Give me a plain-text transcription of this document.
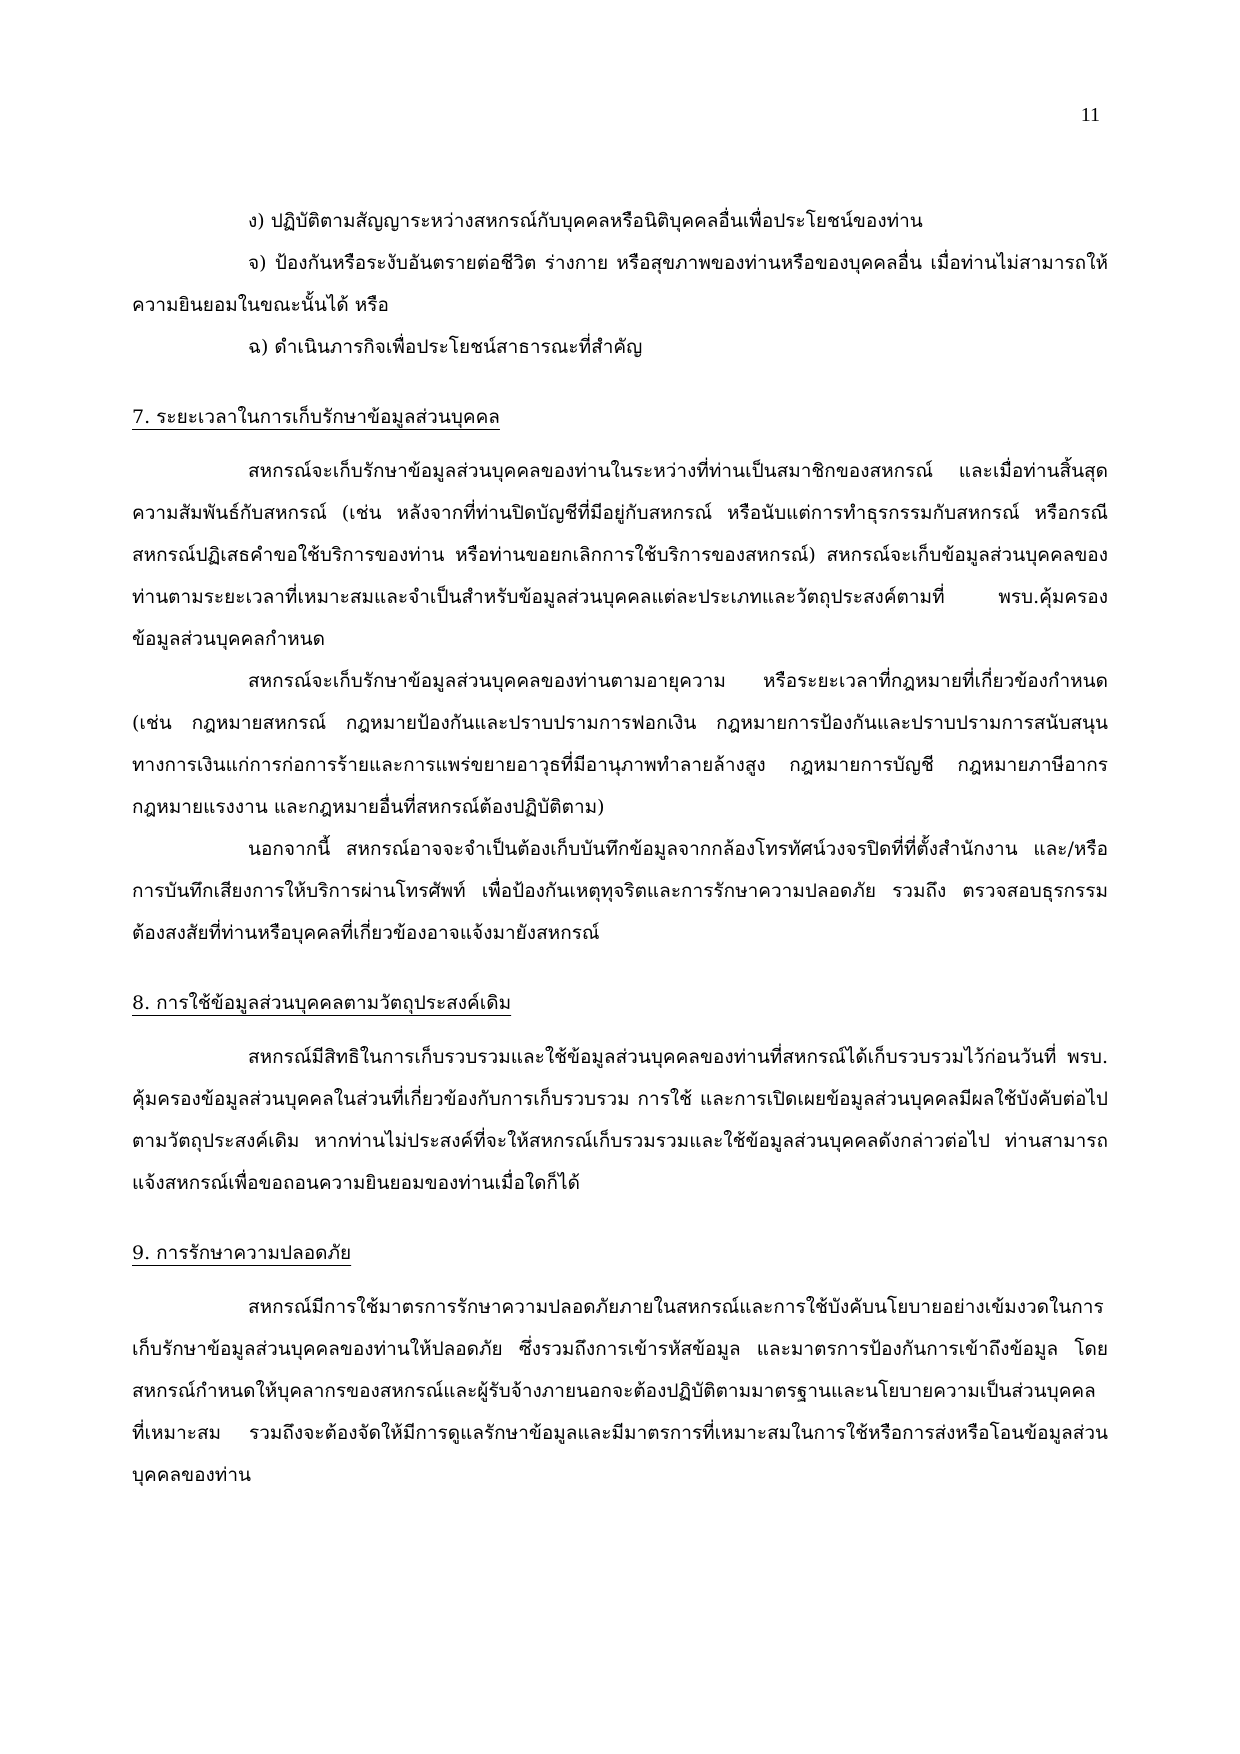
11

ง) ปฏิบัติตามสัญญาระหว่างสหกรณ์กับบุคคลหรือนิติบุคคลอื่นเพื่อประโยชน์ของท่าน

จ) ป้องกันหรือระงับอันตรายต่อชีวิต ร่างกาย หรือสุขภาพของท่านหรือของบุคคลอื่น เมื่อท่านไม่สามารถให้ความยินยอมในขณะนั้นได้ หรือ

ฉ) ดำเนินภารกิจเพื่อประโยชน์สาธารณะที่สำคัญ

7. ระยะเวลาในการเก็บรักษาข้อมูลส่วนบุคคล

สหกรณ์จะเก็บรักษาข้อมูลส่วนบุคคลของท่านในระหว่างที่ท่านเป็นสมาชิกของสหกรณ์ และเมื่อท่านสิ้นสุดความสัมพันธ์กับสหกรณ์ (เช่น หลังจากที่ท่านปิดบัญชีที่มีอยู่กับสหกรณ์ หรือนับแต่การทำธุรกรรมกับสหกรณ์ หรือกรณีสหกรณ์ปฏิเสธคำขอใช้บริการของท่าน หรือท่านขอยกเลิกการใช้บริการของสหกรณ์) สหกรณ์จะเก็บข้อมูลส่วนบุคคลของท่านตามระยะเวลาที่เหมาะสมและจำเป็นสำหรับข้อมูลส่วนบุคคลแต่ละประเภทและวัตถุประสงค์ตามที่ พรบ.คุ้มครองข้อมูลส่วนบุคคลกำหนด

สหกรณ์จะเก็บรักษาข้อมูลส่วนบุคคลของท่านตามอายุความ หรือระยะเวลาที่กฎหมายที่เกี่ยวข้องกำหนด (เช่น กฎหมายสหกรณ์ กฎหมายป้องกันและปราบปรามการฟอกเงิน กฎหมายการป้องกันและปราบปรามการสนับสนุนทางการเงินแก่การก่อการร้ายและการแพร่ขยายอาวุธที่มีอานุภาพทำลายล้างสูง กฎหมายการบัญชี กฎหมายภาษีอากร กฎหมายแรงงาน และกฎหมายอื่นที่สหกรณ์ต้องปฏิบัติตาม)

นอกจากนี้ สหกรณ์อาจจะจำเป็นต้องเก็บบันทึกข้อมูลจากกล้องโทรทัศน์วงจรปิดที่ที่ตั้งสำนักงาน และ/หรือ การบันทึกเสียงการให้บริการผ่านโทรศัพท์ เพื่อป้องกันเหตุทุจริตและการรักษาความปลอดภัย รวมถึง ตรวจสอบธุรกรรมต้องสงสัยที่ท่านหรือบุคคลที่เกี่ยวข้องอาจแจ้งมายังสหกรณ์

8. การใช้ข้อมูลส่วนบุคคลตามวัตถุประสงค์เดิม

สหกรณ์มีสิทธิในการเก็บรวบรวมและใช้ข้อมูลส่วนบุคคลของท่านที่สหกรณ์ได้เก็บรวบรวมไว้ก่อนวันที่ พรบ. คุ้มครองข้อมูลส่วนบุคคลในส่วนที่เกี่ยวข้องกับการเก็บรวบรวม การใช้ และการเปิดเผยข้อมูลส่วนบุคคลมีผลใช้บังคับต่อไปตามวัตถุประสงค์เดิม หากท่านไม่ประสงค์ที่จะให้สหกรณ์เก็บรวมรวมและใช้ข้อมูลส่วนบุคคลดังกล่าวต่อไป ท่านสามารถแจ้งสหกรณ์เพื่อขอถอนความยินยอมของท่านเมื่อใดก็ได้

9. การรักษาความปลอดภัย

สหกรณ์มีการใช้มาตรการรักษาความปลอดภัยภายในสหกรณ์และการใช้บังคับนโยบายอย่างเข้มงวดในการเก็บรักษาข้อมูลส่วนบุคคลของท่านให้ปลอดภัย ซึ่งรวมถึงการเข้ารหัสข้อมูล และมาตรการป้องกันการเข้าถึงข้อมูล โดยสหกรณ์กำหนดให้บุคลากรของสหกรณ์และผู้รับจ้างภายนอกจะต้องปฏิบัติตามมาตรฐานและนโยบายความเป็นส่วนบุคคลที่เหมาะสม รวมถึงจะต้องจัดให้มีการดูแลรักษาข้อมูลและมีมาตรการที่เหมาะสมในการใช้หรือการส่งหรือโอนข้อมูลส่วนบุคคลของท่าน
